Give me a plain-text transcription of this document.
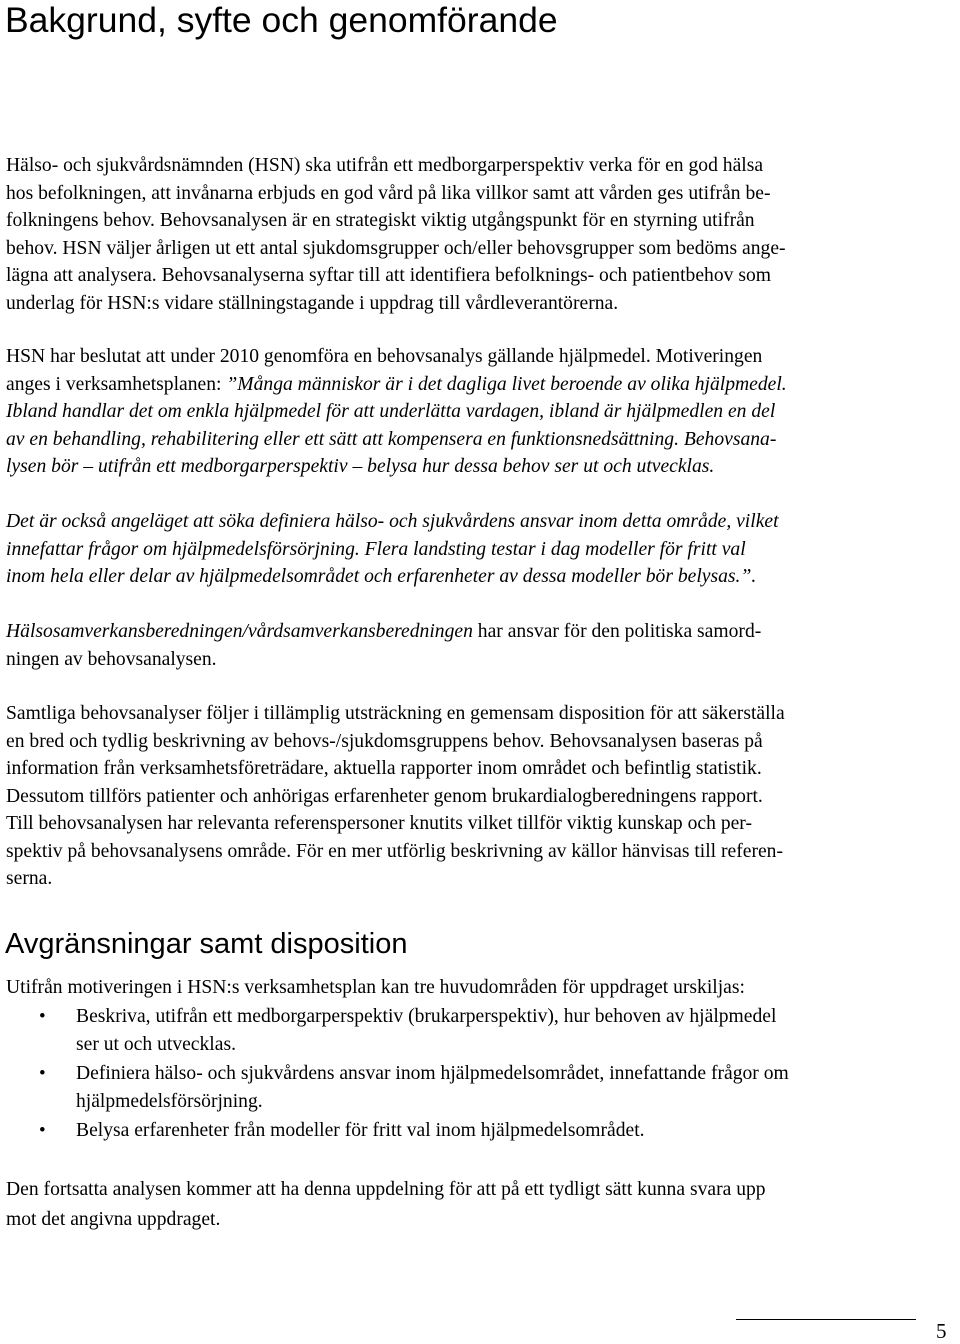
Bakgrund, syfte och genomförande
Hälso- och sjukvårdsnämnden (HSN) ska utifrån ett medborgarperspektiv verka för en god hälsa
hos befolkningen, att invånarna erbjuds en god vård på lika villkor samt att vården ges utifrån be-
folkningens behov. Behovsanalysen är en strategiskt viktig utgångspunkt för en styrning utifrån
behov. HSN väljer årligen ut ett antal sjukdomsgrupper och/eller behovsgrupper som bedöms ange-
lägna att analysera. Behovsanalyserna syftar till att identifiera befolknings- och patientbehov som
underlag för HSN:s vidare ställningstagande i uppdrag till vårdleverantörerna.
HSN har beslutat att under 2010 genomföra en behovsanalys gällande hjälpmedel. Motiveringen
anges i verksamhetsplanen: ”Många människor är i det dagliga livet beroende av olika hjälpmedel.
Ibland handlar det om enkla hjälpmedel för att underlätta vardagen, ibland är hjälpmedlen en del
av en behandling, rehabilitering eller ett sätt att kompensera en funktionsnedsättning. Behovsana-
lysen bör – utifrån ett medborgarperspektiv – belysa hur dessa behov ser ut och utvecklas.
Det är också angeläget att söka definiera hälso- och sjukvårdens ansvar inom detta område, vilket
innefattar frågor om hjälpmedelsförsörjning. Flera landsting testar i dag modeller för fritt val
inom hela eller delar av hjälpmedelsområdet och erfarenheter av dessa modeller bör belysas.”.
Hälsosamverkansberedningen/vårdsamverkansberedningen har ansvar för den politiska samord-
ningen av behovsanalysen.
Samtliga behovsanalyser följer i tillämplig utsträckning en gemensam disposition för att säkerställa
en bred och tydlig beskrivning av behovs-/sjukdomsgruppens behov. Behovsanalysen baseras på
information från verksamhetsföreträdare, aktuella rapporter inom området och befintlig statistik.
Dessutom tillförs patienter och anhörigas erfarenheter genom brukardialogberedningens rapport.
Till behovsanalysen har relevanta referenspersoner knutits vilket tillför viktig kunskap och per-
spektiv på behovsanalysens område. För en mer utförlig beskrivning av källor hänvisas till referen-
serna.
Avgränsningar samt disposition
Utifrån motiveringen i HSN:s verksamhetsplan kan tre huvudområden för uppdraget urskiljas:
• Beskriva, utifrån ett medborgarperspektiv (brukarperspektiv), hur behoven av hjälpmedel
ser ut och utvecklas.
• Definiera hälso- och sjukvårdens ansvar inom hjälpmedelsområdet, innefattande frågor om
hjälpmedelsförsörjning.
• Belysa erfarenheter från modeller för fritt val inom hjälpmedelsområdet.
Den fortsatta analysen kommer att ha denna uppdelning för att på ett tydligt sätt kunna svara upp
mot det angivna uppdraget.
5
